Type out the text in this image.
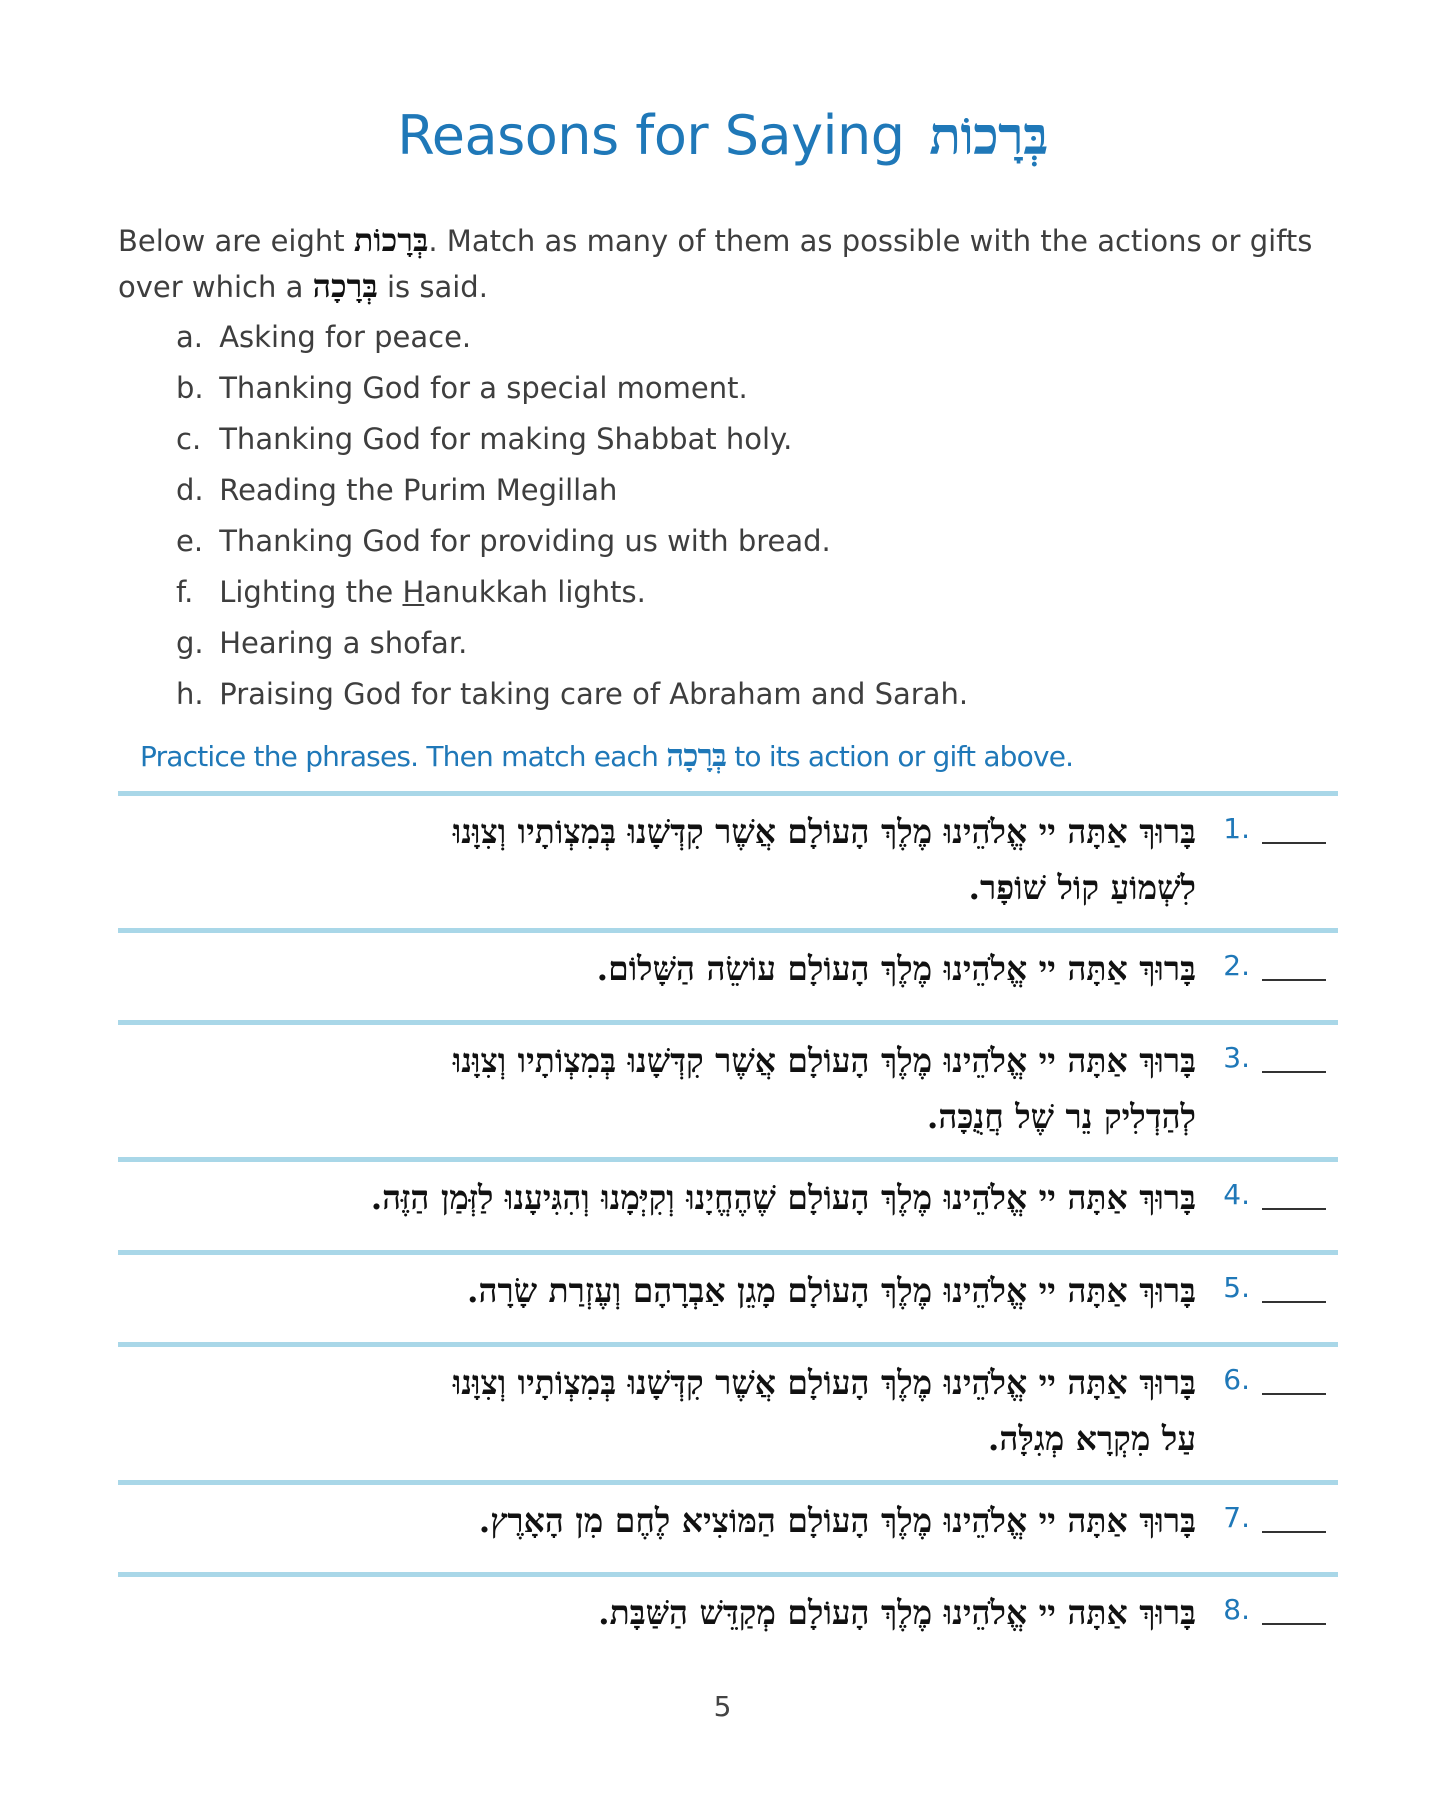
Reasons for Saying בְּרָכוֹת
Below are eight בְּרָכוֹת. Match as many of them as possible with the actions or gifts over which a בְּרָכָה is said.
a. Asking for peace.
b. Thanking God for a special moment.
c. Thanking God for making Shabbat holy.
d. Reading the Purim Megillah
e. Thanking God for providing us with bread.
f. Lighting the Hanukkah lights.
g. Hearing a shofar.
h. Praising God for taking care of Abraham and Sarah.
Practice the phrases. Then match each בְּרָכָה to its action or gift above.
1.
בָּרוּךְ אַתָּה יי אֱלֹהֵינוּ מֶלֶךְ הָעוֹלָם אֲשֶׁר קִדְּשָׁנוּ בְּמִצְוֹתָיו וְצִוָּנוּ
לִשְׁמוֹעַ קוֹל שׁוֹפָר.
2.
בָּרוּךְ אַתָּה יי אֱלֹהֵינוּ מֶלֶךְ הָעוֹלָם עוֹשֵׂה הַשָּׁלוֹם.
3.
בָּרוּךְ אַתָּה יי אֱלֹהֵינוּ מֶלֶךְ הָעוֹלָם אֲשֶׁר קִדְּשָׁנוּ בְּמִצְוֹתָיו וְצִוָּנוּ
לְהַדְלִיק נֵר שֶׁל חֲנֻכָּה.
4.
בָּרוּךְ אַתָּה יי אֱלֹהֵינוּ מֶלֶךְ הָעוֹלָם שֶׁהֶחֱיָנוּ וְקִיְּמָנוּ וְהִגִּיעָנוּ לַזְּמַן הַזֶּה.
5.
בָּרוּךְ אַתָּה יי אֱלֹהֵינוּ מֶלֶךְ הָעוֹלָם מָגֵן אַבְרָהָם וְעֶזְרַת שָׂרָה.
6.
בָּרוּךְ אַתָּה יי אֱלֹהֵינוּ מֶלֶךְ הָעוֹלָם אֲשֶׁר קִדְּשָׁנוּ בְּמִצְוֹתָיו וְצִוָּנוּ
עַל מִקְרָא מְגִלָּה.
7.
בָּרוּךְ אַתָּה יי אֱלֹהֵינוּ מֶלֶךְ הָעוֹלָם הַמּוֹצִיא לֶחֶם מִן הָאָרֶץ.
8.
בָּרוּךְ אַתָּה יי אֱלֹהֵינוּ מֶלֶךְ הָעוֹלָם מְקַדֵּשׁ הַשַּׁבָּת.
5
